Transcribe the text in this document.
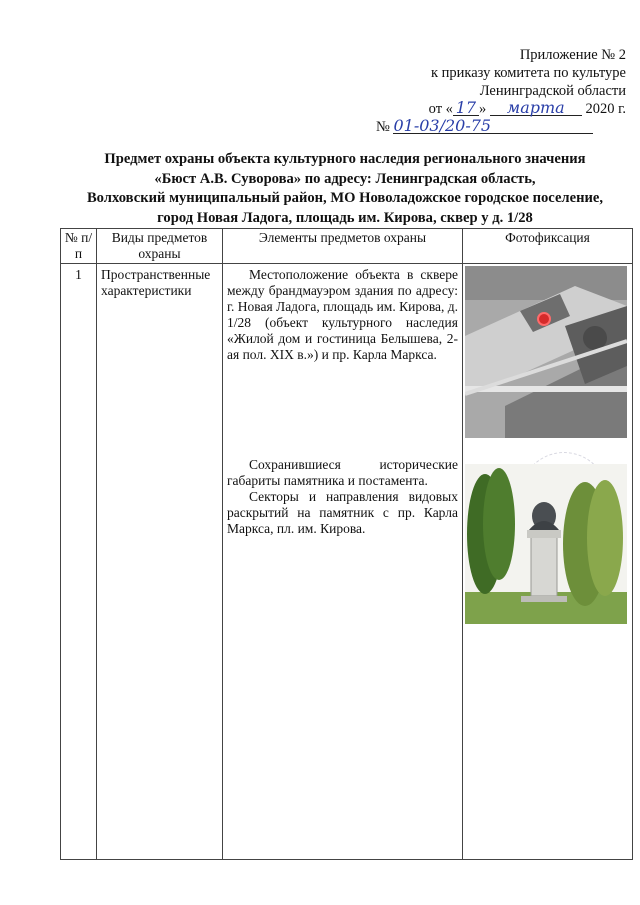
Приложение № 2
к приказу комитета по культуре
Ленинградской области
от « 17 » марта 2020 г.
№ 01-03/20-75
Предмет охраны объекта культурного наследия регионального значения
«Бюст А.В. Суворова» по адресу: Ленинградская область,
Волховский муниципальный район, МО Новоладожское городское поселение,
город Новая Ладога, площадь им. Кирова, сквер у д. 1/28
№ п/п	Виды предметов охраны	Элементы предметов охраны	Фотофиксация
1	Пространственные характеристики	Местоположение объекта в сквере между брандмауэром здания по адресу: г. Новая Ладога, площадь им. Кирова, д. 1/28 (объект культурного наследия «Жилой дом и гостиница Белышева, 2-ая пол. XIX в.») и пр. Карла Маркса.

Сохранившиеся исторические габариты памятника и постамента.

Секторы и направления видовых раскрытий на памятник с пр. Карла Маркса, пл. им. Кирова.
